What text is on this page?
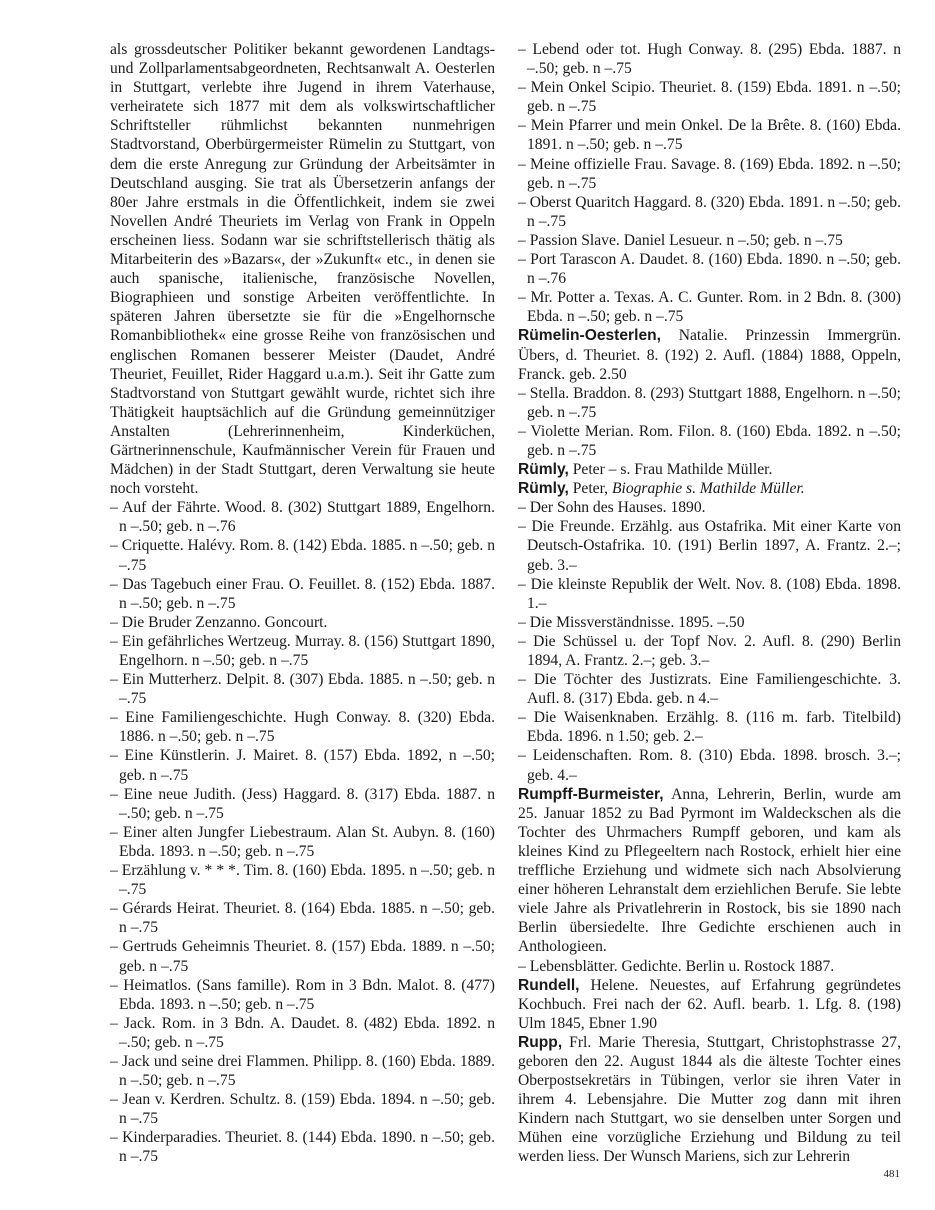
als grossdeutscher Politiker bekannt gewordenen Landtags- und Zollparlamentsabgeordneten, Rechtsanwalt A. Oesterlen in Stuttgart, verlebte ihre Jugend in ihrem Vaterhause, verheiratete sich 1877 mit dem als volkswirtschaftlicher Schriftsteller rühmlichst bekannten nunmehrigen Stadtvorstand, Oberbürgermeister Rümelin zu Stuttgart, von dem die erste Anregung zur Gründung der Arbeitsämter in Deutschland ausging. Sie trat als Übersetzerin anfangs der 80er Jahre erstmals in die Öffentlichkeit, indem sie zwei Novellen André Theuriets im Verlag von Frank in Oppeln erscheinen liess. Sodann war sie schriftstellerisch thätig als Mitarbeiterin des »Bazars«, der »Zukunft« etc., in denen sie auch spanische, italienische, französische Novellen, Biographieen und sonstige Arbeiten veröffentlichte. In späteren Jahren übersetzte sie für die »Engelhornsche Romanbibliothek« eine grosse Reihe von französischen und englischen Romanen besserer Meister (Daudet, André Theuriet, Feuillet, Rider Haggard u.a.m.). Seit ihr Gatte zum Stadtvorstand von Stuttgart gewählt wurde, richtet sich ihre Thätigkeit hauptsächlich auf die Gründung gemeinnütziger Anstalten (Lehrerinnenheim, Kinderküchen, Gärtnerinnenschule, Kaufmännischer Verein für Frauen und Mädchen) in der Stadt Stuttgart, deren Verwaltung sie heute noch vorsteht.

– Auf der Fährte. Wood. 8. (302) Stuttgart 1889, Engelhorn. n –.50; geb. n –.76

– Criquette. Halévy. Rom. 8. (142) Ebda. 1885. n –.50; geb. n –.75

– Das Tagebuch einer Frau. O. Feuillet. 8. (152) Ebda. 1887. n –.50; geb. n –.75

– Die Bruder Zenzanno. Goncourt.

– Ein gefährliches Wertzeug. Murray. 8. (156) Stuttgart 1890, Engelhorn. n –.50; geb. n –.75

– Ein Mutterherz. Delpit. 8. (307) Ebda. 1885. n –.50; geb. n –.75

– Eine Familiengeschichte. Hugh Conway. 8. (320) Ebda. 1886. n –.50; geb. n –.75

– Eine Künstlerin. J. Mairet. 8. (157) Ebda. 1892, n –.50; geb. n –.75

– Eine neue Judith. (Jess) Haggard. 8. (317) Ebda. 1887. n –.50; geb. n –.75

– Einer alten Jungfer Liebestraum. Alan St. Aubyn. 8. (160) Ebda. 1893. n –.50; geb. n –.75

– Erzählung v. * * *. Tim. 8. (160) Ebda. 1895. n –.50; geb. n –.75

– Gérards Heirat. Theuriet. 8. (164) Ebda. 1885. n –.50; geb. n –.75

– Gertruds Geheimnis Theuriet. 8. (157) Ebda. 1889. n –.50; geb. n –.75

– Heimatlos. (Sans famille). Rom in 3 Bdn. Malot. 8. (477) Ebda. 1893. n –.50; geb. n –.75

– Jack. Rom. in 3 Bdn. A. Daudet. 8. (482) Ebda. 1892. n –.50; geb. n –.75

– Jack und seine drei Flammen. Philipp. 8. (160) Ebda. 1889. n –.50; geb. n –.75

– Jean v. Kerdren. Schultz. 8. (159) Ebda. 1894. n –.50; geb. n –.75

– Kinderparadies. Theuriet. 8. (144) Ebda. 1890. n –.50; geb. n –.75

– Lebend oder tot. Hugh Conway. 8. (295) Ebda. 1887. n –.50; geb. n –.75

– Mein Onkel Scipio. Theuriet. 8. (159) Ebda. 1891. n –.50; geb. n –.75

– Mein Pfarrer und mein Onkel. De la Brête. 8. (160) Ebda. 1891. n –.50; geb. n –.75

– Meine offizielle Frau. Savage. 8. (169) Ebda. 1892. n –.50; geb. n –.75

– Oberst Quaritch Haggard. 8. (320) Ebda. 1891. n –.50; geb. n –.75

– Passion Slave. Daniel Lesueur. n –.50; geb. n –.75

– Port Tarascon A. Daudet. 8. (160) Ebda. 1890. n –.50; geb. n –.76

– Mr. Potter a. Texas. A. C. Gunter. Rom. in 2 Bdn. 8. (300) Ebda. n –.50; geb. n –.75

Rümelin-Oesterlen, Natalie. Prinzessin Immergrün. Übers, d. Theuriet. 8. (192) 2. Aufl. (1884) 1888, Oppeln, Franck. geb. 2.50

– Stella. Braddon. 8. (293) Stuttgart 1888, Engelhorn. n –.50; geb. n –.75

– Violette Merian. Rom. Filon. 8. (160) Ebda. 1892. n –.50; geb. n –.75

Rümly, Peter – s. Frau Mathilde Müller.

Rümly, Peter, Biographie s. Mathilde Müller.

– Der Sohn des Hauses. 1890.

– Die Freunde. Erzählg. aus Ostafrika. Mit einer Karte von Deutsch-Ostafrika. 10. (191) Berlin 1897, A. Frantz. 2.–; geb. 3.–

– Die kleinste Republik der Welt. Nov. 8. (108) Ebda. 1898. 1.–

– Die Missverständnisse. 1895. –.50

– Die Schüssel u. der Topf Nov. 2. Aufl. 8. (290) Berlin 1894, A. Frantz. 2.–; geb. 3.–

– Die Töchter des Justizrats. Eine Familiengeschichte. 3. Aufl. 8. (317) Ebda. geb. n 4.–

– Die Waisenknaben. Erzählg. 8. (116 m. farb. Titelbild) Ebda. 1896. n 1.50; geb. 2.–

– Leidenschaften. Rom. 8. (310) Ebda. 1898. brosch. 3.–; geb. 4.–

Rumpff-Burmeister, Anna, Lehrerin, Berlin, wurde am 25. Januar 1852 zu Bad Pyrmont im Waldeckschen als die Tochter des Uhrmachers Rumpff geboren, und kam als kleines Kind zu Pflegeeltern nach Rostock, erhielt hier eine treffliche Erziehung und widmete sich nach Absolvierung einer höheren Lehranstalt dem erziehlichen Berufe. Sie lebte viele Jahre als Privatlehrerin in Rostock, bis sie 1890 nach Berlin übersiedelte. Ihre Gedichte erschienen auch in Anthologieen.

– Lebensblätter. Gedichte. Berlin u. Rostock 1887.

Rundell, Helene. Neuestes, auf Erfahrung gegründetes Kochbuch. Frei nach der 62. Aufl. bearb. 1. Lfg. 8. (198) Ulm 1845, Ebner 1.90

Rupp, Frl. Marie Theresia, Stuttgart, Christophstrasse 27, geboren den 22. August 1844 als die älteste Tochter eines Oberpostsekretärs in Tübingen, verlor sie ihren Vater in ihrem 4. Lebensjahre. Die Mutter zog dann mit ihren Kindern nach Stuttgart, wo sie denselben unter Sorgen und Mühen eine vorzügliche Erziehung und Bildung zu teil werden liess. Der Wunsch Mariens, sich zur Lehrerin

481
